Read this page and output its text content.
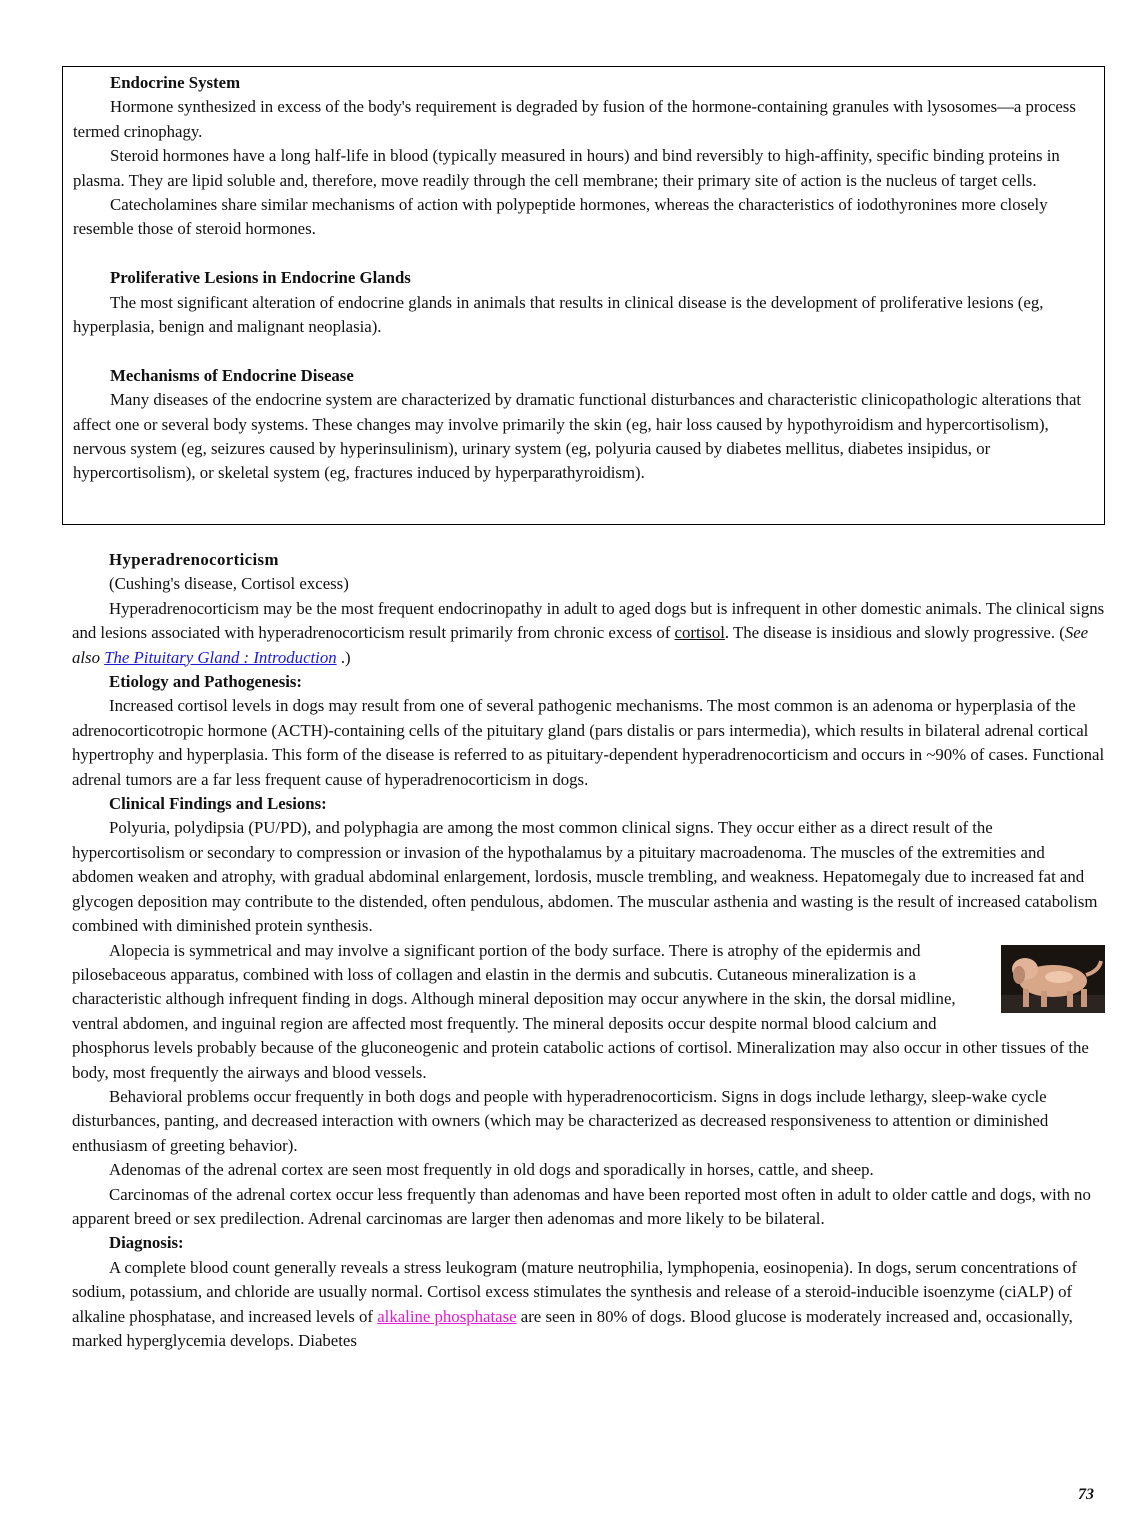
Endocrine System

Hormone synthesized in excess of the body's requirement is degraded by fusion of the hormone-containing granules with lysosomes—a process termed crinophagy.

Steroid hormones have a long half-life in blood (typically measured in hours) and bind reversibly to high-affinity, specific binding proteins in plasma. They are lipid soluble and, therefore, move readily through the cell membrane; their primary site of action is the nucleus of target cells.

Catecholamines share similar mechanisms of action with polypeptide hormones, whereas the characteristics of iodothyronines more closely resemble those of steroid hormones.

Proliferative Lesions in Endocrine Glands

The most significant alteration of endocrine glands in animals that results in clinical disease is the development of proliferative lesions (eg, hyperplasia, benign and malignant neoplasia).

Mechanisms of Endocrine Disease

Many diseases of the endocrine system are characterized by dramatic functional disturbances and characteristic clinicopathologic alterations that affect one or several body systems. These changes may involve primarily the skin (eg, hair loss caused by hypothyroidism and hypercortisolism), nervous system (eg, seizures caused by hyperinsulinism), urinary system (eg, polyuria caused by diabetes mellitus, diabetes insipidus, or hypercortisolism), or skeletal system (eg, fractures induced by hyperparathyroidism).

Hyperadrenocorticism

(Cushing's disease, Cortisol excess)

Hyperadrenocorticism may be the most frequent endocrinopathy in adult to aged dogs but is infrequent in other domestic animals. The clinical signs and lesions associated with hyperadrenocorticism result primarily from chronic excess of cortisol. The disease is insidious and slowly progressive. (See also The Pituitary Gland : Introduction .)

Etiology and Pathogenesis:

Increased cortisol levels in dogs may result from one of several pathogenic mechanisms. The most common is an adenoma or hyperplasia of the adrenocorticotropic hormone (ACTH)-containing cells of the pituitary gland (pars distalis or pars intermedia), which results in bilateral adrenal cortical hypertrophy and hyperplasia. This form of the disease is referred to as pituitary-dependent hyperadrenocorticism and occurs in ~90% of cases. Functional adrenal tumors are a far less frequent cause of hyperadrenocorticism in dogs.

Clinical Findings and Lesions:

Polyuria, polydipsia (PU/PD), and polyphagia are among the most common clinical signs. They occur either as a direct result of the hypercortisolism or secondary to compression or invasion of the hypothalamus by a pituitary macroadenoma. The muscles of the extremities and abdomen weaken and atrophy, with gradual abdominal enlargement, lordosis, muscle trembling, and weakness. Hepatomegaly due to increased fat and glycogen deposition may contribute to the distended, often pendulous, abdomen. The muscular asthenia and wasting is the result of increased catabolism combined with diminished protein synthesis.

Alopecia is symmetrical and may involve a significant portion of the body surface. There is atrophy of the epidermis and pilosebaceous apparatus, combined with loss of collagen and elastin in the dermis and subcutis. Cutaneous mineralization is a characteristic although infrequent finding in dogs. Although mineral deposition may occur anywhere in the skin, the dorsal midline, ventral abdomen, and inguinal region are affected most frequently. The mineral deposits occur despite normal blood calcium and phosphorus levels probably because of the gluconeogenic and protein catabolic actions of cortisol. Mineralization may also occur in other tissues of the body, most frequently the airways and blood vessels.

Behavioral problems occur frequently in both dogs and people with hyperadrenocorticism. Signs in dogs include lethargy, sleep-wake cycle disturbances, panting, and decreased interaction with owners (which may be characterized as decreased responsiveness to attention or diminished enthusiasm of greeting behavior).

Adenomas of the adrenal cortex are seen most frequently in old dogs and sporadically in horses, cattle, and sheep.

Carcinomas of the adrenal cortex occur less frequently than adenomas and have been reported most often in adult to older cattle and dogs, with no apparent breed or sex predilection. Adrenal carcinomas are larger then adenomas and more likely to be bilateral.

Diagnosis:

A complete blood count generally reveals a stress leukogram (mature neutrophilia, lymphopenia, eosinopenia). In dogs, serum concentrations of sodium, potassium, and chloride are usually normal. Cortisol excess stimulates the synthesis and release of a steroid-inducible isoenzyme (ciALP) of alkaline phosphatase, and increased levels of alkaline phosphatase are seen in 80% of dogs. Blood glucose is moderately increased and, occasionally, marked hyperglycemia develops. Diabetes

73
